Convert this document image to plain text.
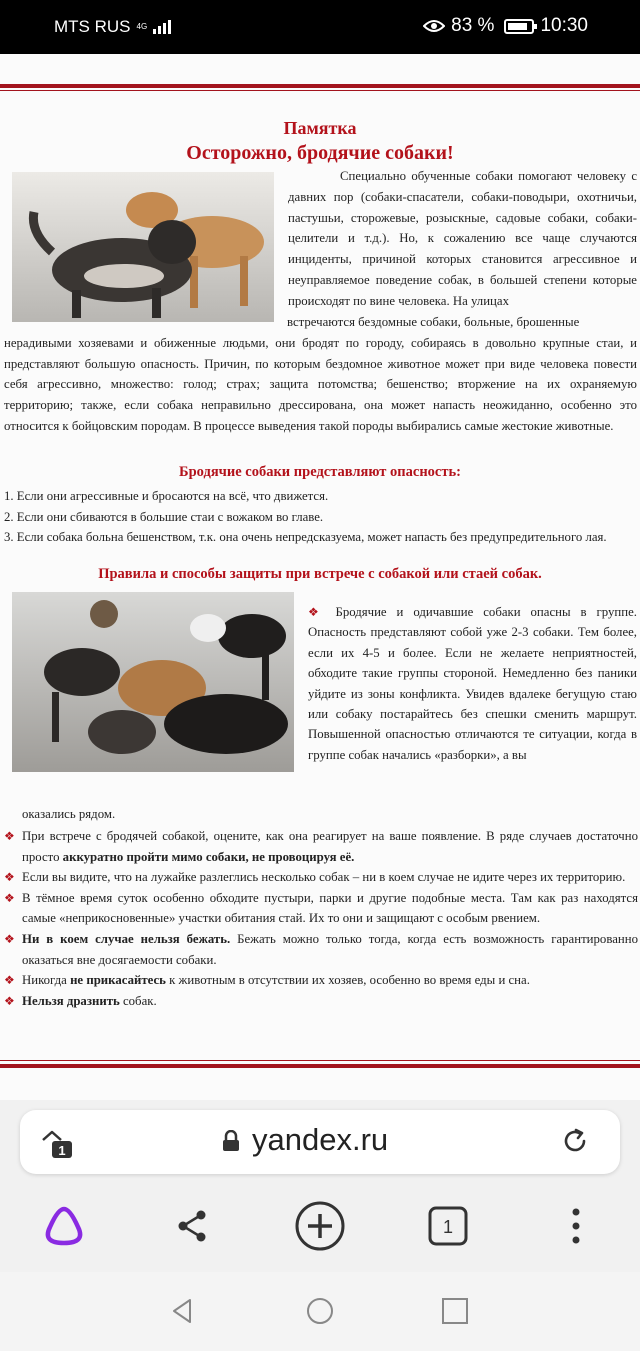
MTS RUS 4G	83 % 10:30
Памятка
Осторожно, бродячие собаки!
Специально обученные собаки помогают человеку с давних пор (собаки-спасатели, собаки-поводыри, охотничьи, пастушьи, сторожевые, розыскные, садовые собаки, собаки-целители и т.д.). Но, к сожалению все чаще случаются инциденты, причиной которых становится агрессивное и неуправляемое поведение собак, в большей степени которые происходят по вине человека. На улицах
встречаются бездомные собаки, больные, брошенные
нерадивыми хозяевами и обиженные людьми, они бродят по городу, собираясь в довольно крупные стаи, и представляют большую опасность. Причин, по которым бездомное животное может при виде человека повести себя агрессивно, множество: голод; страх; защита потомства; бешенство; вторжение на их охраняемую территорию; также, если собака неправильно дрессирована, она может напасть неожиданно, особенно это относится к бойцовским породам. В процессе выведения такой породы выбирались самые жестокие животные.
Бродячие собаки представляют опасность:
1. Если они агрессивные и бросаются на всё, что движется.
2. Если они сбиваются в большие стаи с вожаком во главе.
3. Если собака больна бешенством, т.к. она очень непредсказуема, может напасть без предупредительного лая.
Правила и способы защиты при встрече с собакой или стаей собак.
❖ Бродячие и одичавшие собаки опасны в группе. Опасность представляют собой уже 2-3 собаки. Тем более, если их 4-5 и более. Если не желаете неприятностей, обходите такие группы стороной. Немедленно без паники уйдите из зоны конфликта. Увидев вдалеке бегущую стаю или собаку постарайтесь без спешки сменить маршрут. Повышенной опасностью отличаются те ситуации, когда в группе собак начались «разборки», а вы
оказались рядом.
❖ При встрече с бродячей собакой, оцените, как она реагирует на ваше появление. В ряде случаев достаточно просто аккуратно пройти мимо собаки, не провоцируя её.
❖ Если вы видите, что на лужайке разлеглись несколько собак – ни в коем случае не идите через их территорию.
❖ В тёмное время суток особенно обходите пустыри, парки и другие подобные места. Там как раз находятся самые «неприкосновенные» участки обитания стай. Их то они и защищают с особым рвением.
❖ Ни в коем случае нельзя бежать. Бежать можно только тогда, когда есть возможность гарантированно оказаться вне досягаемости собаки.
❖ Никогда не прикасайтесь к животным в отсутствии их хозяев, особенно во время еды и сна.
❖ Нельзя дразнить собак.
1	yandex.ru
1
